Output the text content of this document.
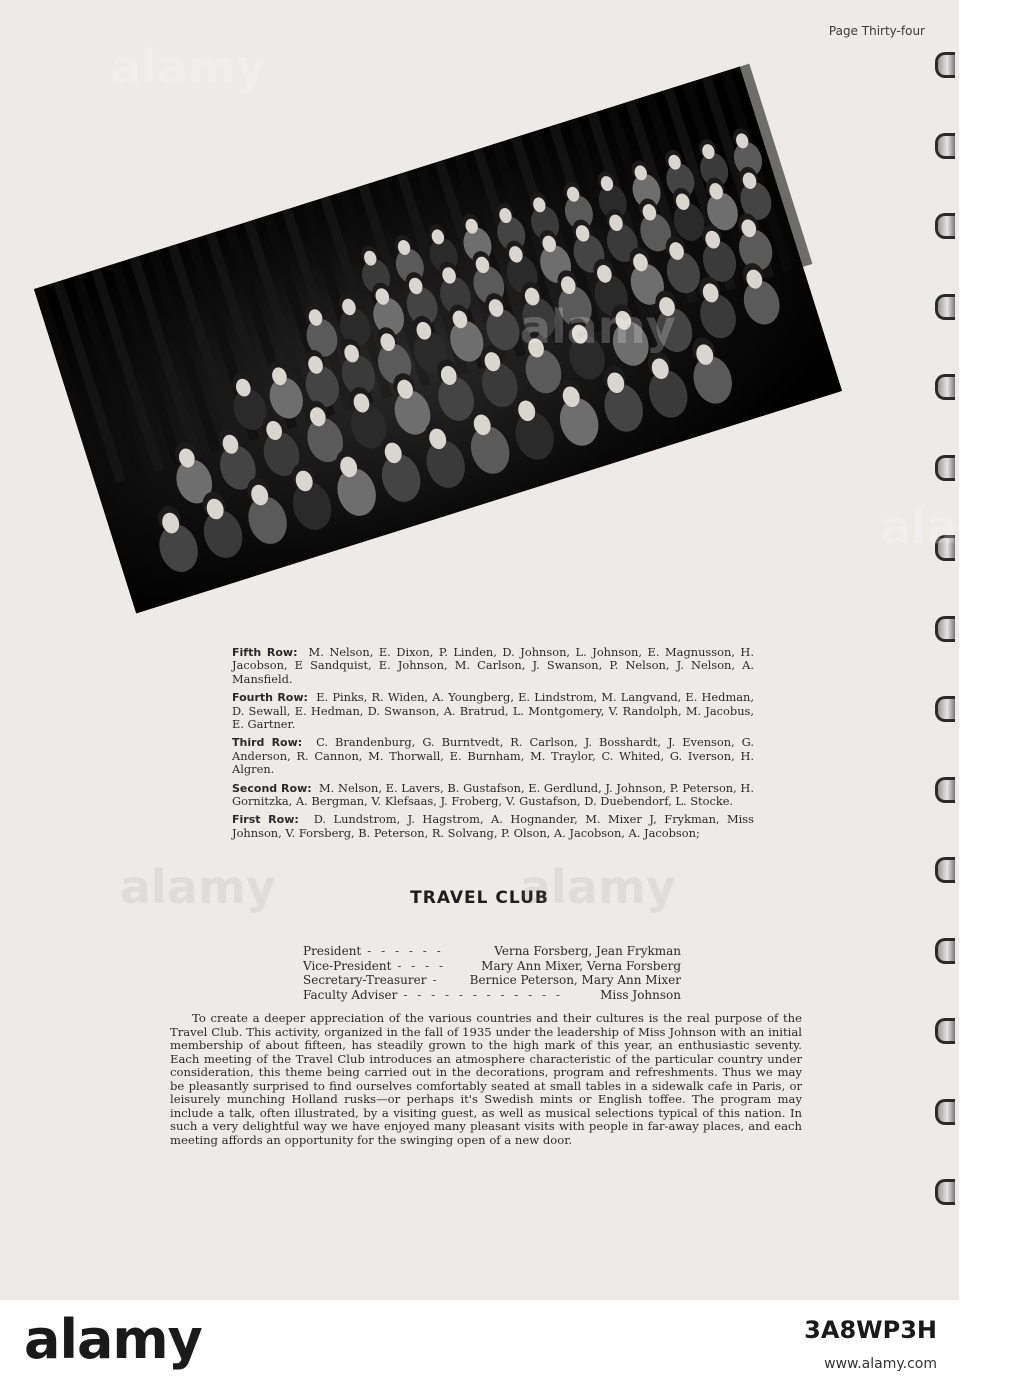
Page Thirty-four

Fifth Row: M. Nelson, E. Dixon, P. Linden, D. Johnson, L. Johnson, E. Magnusson, H. Jacobson, E Sandquist, E. Johnson, M. Carlson, J. Swanson, P. Nelson, J. Nelson, A. Mansfield.

Fourth Row: E. Pinks, R. Widen, A. Youngberg, E. Lindstrom, M. Langvand, E. Hedman, D. Sewall, E. Hedman, D. Swanson, A. Bratrud, L. Montgomery, V. Randolph, M. Jacobus, E. Gartner.

Third Row: C. Brandenburg, G. Burntvedt, R. Carlson, J. Bosshardt, J. Evenson, G. Anderson, R. Cannon, M. Thorwall, E. Burnham, M. Traylor, C. Whited, G. Iverson, H. Algren.

Second Row: M. Nelson, E. Lavers, B. Gustafson, E. Gerdlund, J. Johnson, P. Peterson, H. Gornitzka, A. Bergman, V. Klefsaas, J. Froberg, V. Gustafson, D. Duebendorf, L. Stocke.

First Row: D. Lundstrom, J. Hagstrom, A. Hognander, M. Mixer J, Frykman, Miss Johnson, V. Forsberg, B. Peterson, R. Solvang, P. Olson, A. Jacobson, A. Jacobson;

TRAVEL CLUB
President - - - - - -	Verna Forsberg, Jean Frykman
Vice-President - - - -	Mary Ann Mixer, Verna Forsberg
Secretary-Treasurer -	Bernice Peterson, Mary Ann Mixer
Faculty Adviser - - - - - - - - - - - -	Miss Johnson
To create a deeper appreciation of the various countries and their cultures is the real purpose of the Travel Club. This activity, organized in the fall of 1935 under the leadership of Miss Johnson with an initial membership of about fifteen, has steadily grown to the high mark of this year, an enthusiastic seventy. Each meeting of the Travel Club introduces an atmosphere characteristic of the particular country under consideration, this theme being carried out in the decorations, program and refreshments. Thus we may be pleasantly surprised to find ourselves comfortably seated at small tables in a sidewalk cafe in Paris, or leisurely munching Holland rusks—or perhaps it's Swedish mints or English toffee. The program may include a talk, often illustrated, by a visiting guest, as well as musical selections typical of this nation. In such a very delightful way we have enjoyed many pleasant visits with people in far-away places, and each meeting affords an opportunity for the swinging open of a new door.
alamy
alamy
alamy
alamy	alamy
alamy	3A8WP3H
www.alamy.com
